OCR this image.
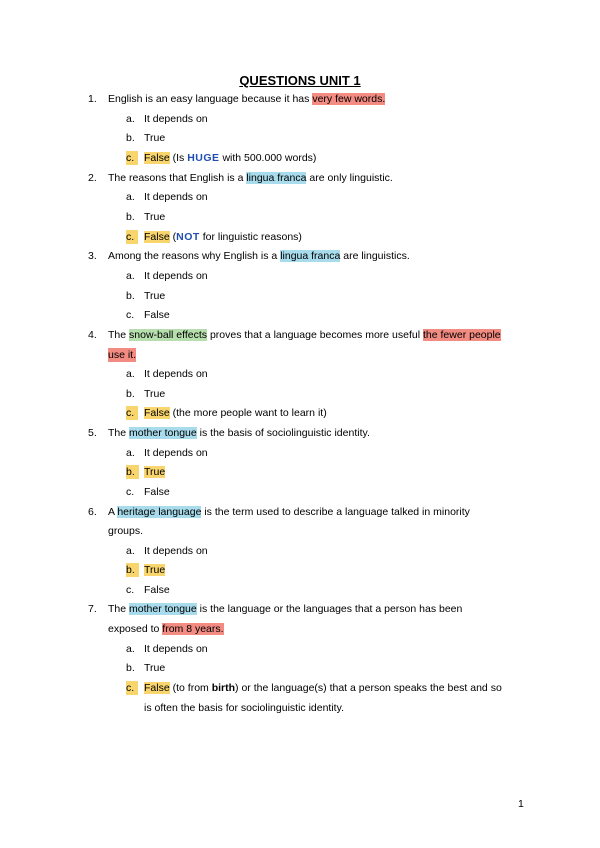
QUESTIONS UNIT 1
1. English is an easy language because it has very few words.
a. It depends on
b. True
c. False (Is HUGE with 500.000 words)
2. The reasons that English is a lingua franca are only linguistic.
a. It depends on
b. True
c. False (NOT for linguistic reasons)
3. Among the reasons why English is a lingua franca are linguistics.
a. It depends on
b. True
c. False
4. The snow-ball effects proves that a language becomes more useful the fewer people
use it.
a. It depends on
b. True
c. False (the more people want to learn it)
5. The mother tongue is the basis of sociolinguistic identity.
a. It depends on
b. True
c. False
6. A heritage language is the term used to describe a language talked in minority
groups.
a. It depends on
b. True
c. False
7. The mother tongue is the language or the languages that a person has been
exposed to from 8 years.
a. It depends on
b. True
c. False (to from birth) or the language(s) that a person speaks the best and so
is often the basis for sociolinguistic identity.
1
